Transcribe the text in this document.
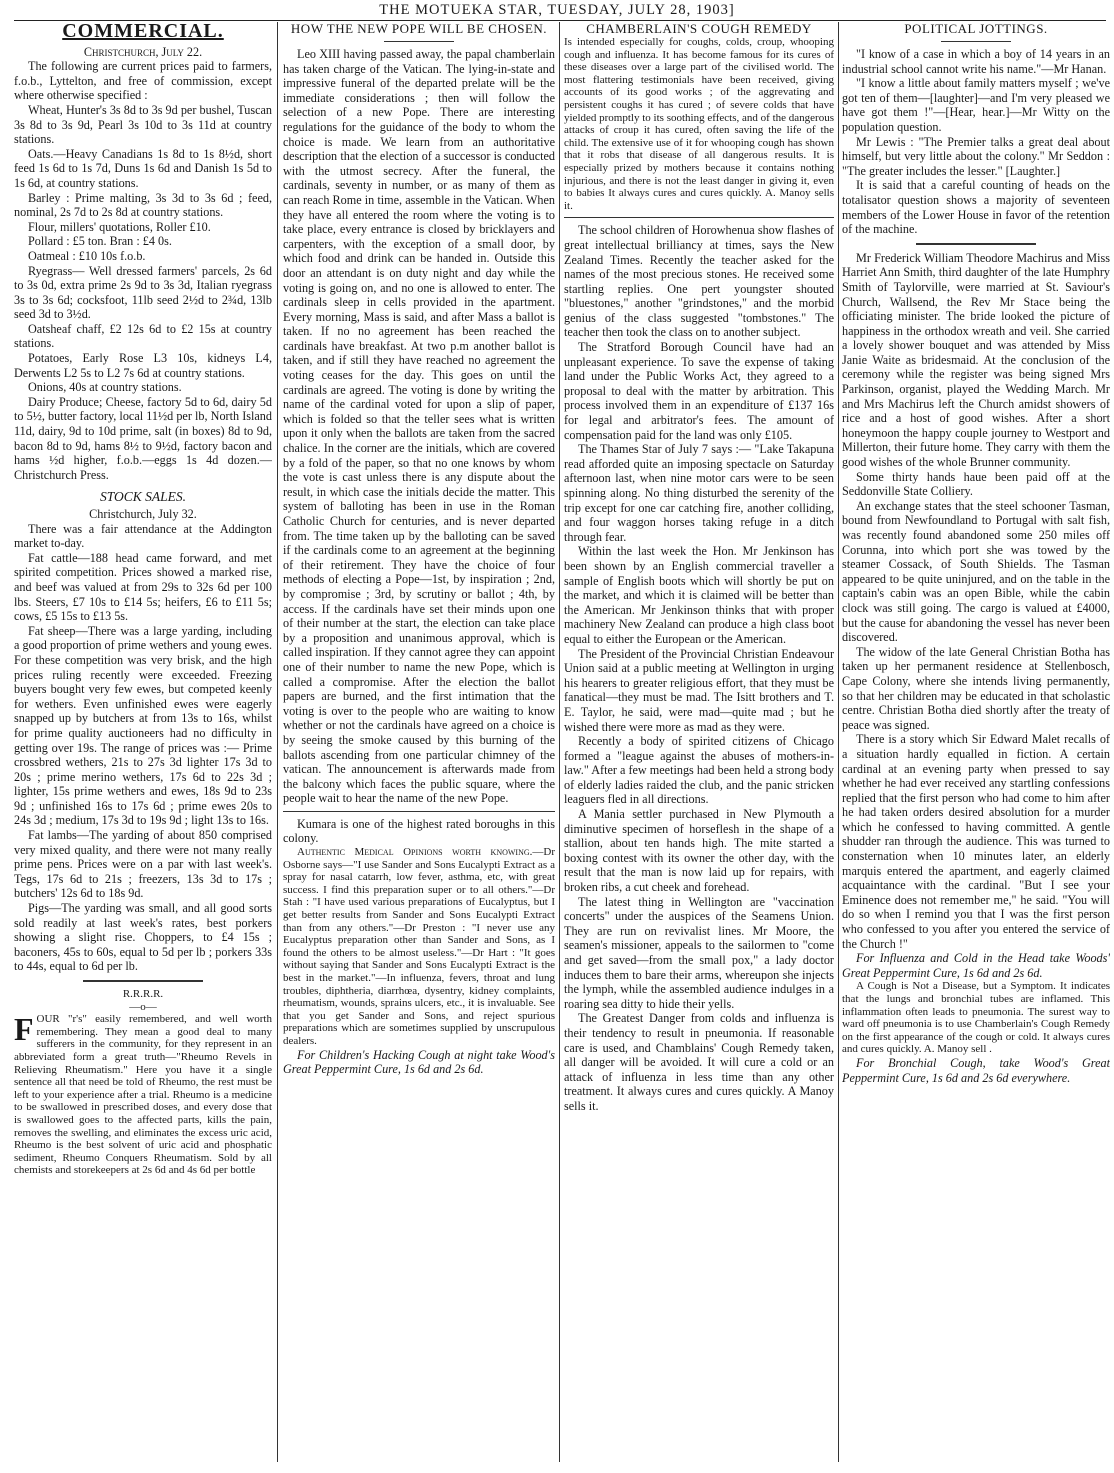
THE MOTUEKA STAR, TUESDAY, JULY 28, 1903]
COMMERCIAL.

Christchurch, July 22.

The following are current prices paid to farmers, f.o.b., Lyttelton, and free of commission, except where otherwise specified :

Wheat, Hunter's 3s 8d to 3s 9d per bushel, Tuscan 3s 8d to 3s 9d, Pearl 3s 10d to 3s 11d at country stations.

Oats.—Heavy Canadians 1s 8d to 1s 8½d, short feed 1s 6d to 1s 7d, Duns 1s 6d and Danish 1s 5d to 1s 6d, at country stations.

Barley : Prime malting, 3s 3d to 3s 6d ; feed, nominal, 2s 7d to 2s 8d at country stations.

Flour, millers' quotations, Roller £10.

Pollard : £5 ton. Bran : £4 0s.

Oatmeal : £10 10s f.o.b.

Ryegrass— Well dressed farmers' parcels, 2s 6d to 3s 0d, extra prime 2s 9d to 3s 3d, Italian ryegrass 3s to 3s 6d; cocksfoot, 11lb seed 2½d to 2¾d, 13lb seed 3d to 3½d.

Oatsheaf chaff, £2 12s 6d to £2 15s at country stations.

Potatoes, Early Rose L3 10s, kidneys L4, Derwents L2 5s to L2 7s 6d at country stations.

Onions, 40s at country stations.

Dairy Produce; Cheese, factory 5d to 6d, dairy 5d to 5½, butter factory, local 11½d per lb, North Island 11d, dairy, 9d to 10d prime, salt (in boxes) 8d to 9d, bacon 8d to 9d, hams 8½ to 9½d, factory bacon and hams ½d higher, f.o.b.—eggs 1s 4d dozen.—Christchurch Press.

STOCK SALES.

Christchurch, July 32.

There was a fair attendance at the Addington market to-day.

Fat cattle—188 head came forward, and met spirited competition. Prices showed a marked rise, and beef was valued at from 29s to 32s 6d per 100 lbs. Steers, £7 10s to £14 5s; heifers, £6 to £11 5s; cows, £5 15s to £13 5s.

Fat sheep—There was a large yarding, including a good proportion of prime wethers and young ewes. For these competition was very brisk, and the high prices ruling recently were exceeded. Freezing buyers bought very few ewes, but competed keenly for wethers. Even unfinished ewes were eagerly snapped up by butchers at from 13s to 16s, whilst for prime quality auctioneers had no difficulty in getting over 19s. The range of prices was :— Prime crossbred wethers, 21s to 27s 3d lighter 17s 3d to 20s ; prime merino wethers, 17s 6d to 22s 3d ; lighter, 15s prime wethers and ewes, 18s 9d to 23s 9d ; unfinished 16s to 17s 6d ; prime ewes 20s to 24s 3d ; medium, 17s 3d to 19s 9d ; light 13s to 16s.

Fat lambs—The yarding of about 850 comprised very mixed quality, and there were not many really prime pens. Prices were on a par with last week's. Tegs, 17s 6d to 21s ; freezers, 13s 3d to 17s ; butchers' 12s 6d to 18s 9d.

Pigs—The yarding was small, and all good sorts sold readily at last week's rates, best porkers showing a slight rise. Choppers, to £4 15s ; baconers, 45s to 60s, equal to 5d per lb ; porkers 33s to 44s, equal to 6d per lb.

R.R.R.R.

—o—

FOUR "r's" easily remembered, and well worth remembering. They mean a good deal to many sufferers in the community, for they represent in an abbreviated form a great truth—"Rheumo Revels in Relieving Rheumatism." Here you have it a single sentence all that need be told of Rheumo, the rest must be left to your experience after a trial. Rheumo is a medicine to be swallowed in prescribed doses, and every dose that is swallowed goes to the affected parts, kills the pain, removes the swelling, and eliminates the excess uric acid, Rheumo is the best solvent of uric acid and phosphatic sediment, Rheumo Conquers Rheumatism. Sold by all chemists and storekeepers at 2s 6d and 4s 6d per bottle

HOW THE NEW POPE WILL BE CHOSEN.

Leo XIII having passed away, the papal chamberlain has taken charge of the Vatican. The lying-in-state and impressive funeral of the departed prelate will be the immediate considerations ; then will follow the selection of a new Pope. There are interesting regulations for the guidance of the body to whom the choice is made. We learn from an authoritative description that the election of a successor is conducted with the utmost secrecy. After the funeral, the cardinals, seventy in number, or as many of them as can reach Rome in time, assemble in the Vatican. When they have all entered the room where the voting is to take place, every entrance is closed by bricklayers and carpenters, with the exception of a small door, by which food and drink can be handed in. Outside this door an attendant is on duty night and day while the voting is going on, and no one is allowed to enter. The cardinals sleep in cells provided in the apartment. Every morning, Mass is said, and after Mass a ballot is taken. If no no agreement has been reached the cardinals have breakfast. At two p.m another ballot is taken, and if still they have reached no agreement the voting ceases for the day. This goes on until the cardinals are agreed. The voting is done by writing the name of the cardinal voted for upon a slip of paper, which is folded so that the teller sees what is written upon it only when the ballots are taken from the sacred chalice. In the corner are the initials, which are covered by a fold of the paper, so that no one knows by whom the vote is cast unless there is any dispute about the result, in which case the initials decide the matter. This system of balloting has been in use in the Roman Catholic Church for centuries, and is never departed from. The time taken up by the balloting can be saved if the cardinals come to an agreement at the beginning of their retirement. They have the choice of four methods of electing a Pope—1st, by inspiration ; 2nd, by compromise ; 3rd, by scrutiny or ballot ; 4th, by access. If the cardinals have set their minds upon one of their number at the start, the election can take place by a proposition and unanimous approval, which is called inspiration. If they cannot agree they can appoint one of their number to name the new Pope, which is called a compromise. After the election the ballot papers are burned, and the first intimation that the voting is over to the people who are waiting to know whether or not the cardinals have agreed on a choice is by seeing the smoke caused by this burning of the ballots ascending from one particular chimney of the vatican. The announcement is afterwards made from the balcony which faces the public square, where the people wait to hear the name of the new Pope.

Kumara is one of the highest rated boroughs in this colony.

Authentic Medical Opinions worth knowing.—Dr Osborne says—"I use Sander and Sons Eucalypti Extract as a spray for nasal catarrh, low fever, asthma, etc, with great success. I find this preparation super or to all others."—Dr Stah : "I have used various preparations of Eucalyptus, but I get better results from Sander and Sons Eucalypti Extract than from any others."—Dr Preston : "I never use any Eucalyptus preparation other than Sander and Sons, as I found the others to be almost useless."—Dr Hart : "It goes without saying that Sander and Sons Eucalypti Extract is the best in the market."—In influenza, fevers, throat and lung troubles, diphtheria, diarrhœa, dysentry, kidney complaints, rheumatism, wounds, sprains ulcers, etc., it is invaluable. See that you get Sander and Sons, and reject spurious preparations which are sometimes supplied by unscrupulous dealers.

For Children's Hacking Cough at night take Wood's Great Peppermint Cure, 1s 6d and 2s 6d.

CHAMBERLAIN'S COUGH REMEDY

Is intended especially for coughs, colds, croup, whooping cough and influenza. It has become famous for its cures of these diseases over a large part of the civilised world. The most flattering testimonials have been received, giving accounts of its good works ; of the aggrevating and persistent coughs it has cured ; of severe colds that have yielded promptly to its soothing effects, and of the dangerous attacks of croup it has cured, often saving the life of the child. The extensive use of it for whooping cough has shown that it robs that disease of all dangerous results. It is especially prized by mothers because it contains nothing injurious, and there is not the least danger in giving it, even to babies It always cures and cures quickly. A. Manoy sells it.

The school children of Horowhenua show flashes of great intellectual brilliancy at times, says the New Zealand Times. Recently the teacher asked for the names of the most precious stones. He received some startling replies. One pert youngster shouted "bluestones," another "grindstones," and the morbid genius of the class suggested "tombstones." The teacher then took the class on to another subject.

The Stratford Borough Council have had an unpleasant experience. To save the expense of taking land under the Public Works Act, they agreed to a proposal to deal with the matter by arbitration. This process involved them in an expenditure of £137 16s for legal and arbitrator's fees. The amount of compensation paid for the land was only £105.

The Thames Star of July 7 says :— "Lake Takapuna read afforded quite an imposing spectacle on Saturday afternoon last, when nine motor cars were to be seen spinning along. No thing disturbed the serenity of the trip except for one car catching fire, another colliding, and four waggon horses taking refuge in a ditch through fear.

Within the last week the Hon. Mr Jenkinson has been shown by an English commercial traveller a sample of English boots which will shortly be put on the market, and which it is claimed will be better than the American. Mr Jenkinson thinks that with proper machinery New Zealand can produce a high class boot equal to either the European or the American.

The President of the Provincial Christian Endeavour Union said at a public meeting at Wellington in urging his hearers to greater religious effort, that they must be fanatical—they must be mad. The Isitt brothers and T. E. Taylor, he said, were mad—quite mad ; but he wished there were more as mad as they were.

Recently a body of spirited citizens of Chicago formed a "league against the abuses of mothers-in-law." After a few meetings had been held a strong body of elderly ladies raided the club, and the panic stricken leaguers fled in all directions.

A Mania settler purchased in New Plymouth a diminutive specimen of horseflesh in the shape of a stallion, about ten hands high. The mite started a boxing contest with its owner the other day, with the result that the man is now laid up for repairs, with broken ribs, a cut cheek and forehead.

The latest thing in Wellington are "vaccination concerts" under the auspices of the Seamens Union. They are run on revivalist lines. Mr Moore, the seamen's missioner, appeals to the sailormen to "come and get saved—from the small pox," a lady doctor induces them to bare their arms, whereupon she injects the lymph, while the assembled audience indulges in a roaring sea ditty to hide their yells.

The Greatest Danger from colds and influenza is their tendency to result in pneumonia. If reasonable care is used, and Chamblains' Cough Remedy taken, all danger will be avoided. It will cure a cold or an attack of influenza in less time than any other treatment. It always cures and cures quickly. A Manoy sells it.

POLITICAL JOTTINGS.

"I know of a case in which a boy of 14 years in an industrial school cannot write his name."—Mr Hanan.

"I know a little about family matters myself ; we've got ten of them—[laughter]—and I'm very pleased we have got them !"—[Hear, hear.]—Mr Witty on the population question.

Mr Lewis : "The Premier talks a great deal about himself, but very little about the colony." Mr Seddon : "The greater includes the lesser." [Laughter.]

It is said that a careful counting of heads on the totalisator question shows a majority of seventeen members of the Lower House in favor of the retention of the machine.

Mr Frederick William Theodore Machirus and Miss Harriet Ann Smith, third daughter of the late Humphry Smith of Taylorville, were married at St. Saviour's Church, Wallsend, the Rev Mr Stace being the officiating minister. The bride looked the picture of happiness in the orthodox wreath and veil. She carried a lovely shower bouquet and was attended by Miss Janie Waite as bridesmaid. At the conclusion of the ceremony while the register was being signed Mrs Parkinson, organist, played the Wedding March. Mr and Mrs Machirus left the Church amidst showers of rice and a host of good wishes. After a short honeymoon the happy couple journey to Westport and Millerton, their future home. They carry with them the good wishes of the whole Brunner community.

Some thirty hands haue been paid off at the Seddonville State Colliery.

An exchange states that the steel schooner Tasman, bound from Newfoundland to Portugal with salt fish, was recently found abandoned some 250 miles off Corunna, into which port she was towed by the steamer Cossack, of South Shields. The Tasman appeared to be quite uninjured, and on the table in the captain's cabin was an open Bible, while the cabin clock was still going. The cargo is valued at £4000, but the cause for abandoning the vessel has never been discovered.

The widow of the late General Christian Botha has taken up her permanent residence at Stellenbosch, Cape Colony, where she intends living permanently, so that her children may be educated in that scholastic centre. Christian Botha died shortly after the treaty of peace was signed.

There is a story which Sir Edward Malet recalls of a situation hardly equalled in fiction. A certain cardinal at an evening party when pressed to say whether he had ever received any startling confessions replied that the first person who had come to him after he had taken orders desired absolution for a murder which he confessed to having committed. A gentle shudder ran through the audience. This was turned to consternation when 10 minutes later, an elderly marquis entered the apartment, and eagerly claimed acquaintance with the cardinal. "But I see your Eminence does not remember me," he said. "You will do so when I remind you that I was the first person who confessed to you after you entered the service of the Church !"

For Influenza and Cold in the Head take Woods' Great Peppermint Cure, 1s 6d and 2s 6d.

A Cough is Not a Disease, but a Symptom. It indicates that the lungs and bronchial tubes are inflamed. This inflammation often leads to pneumonia. The surest way to ward off pneumonia is to use Chamberlain's Cough Remedy on the first appearance of the cough or cold. It always cures and cures quickly. A. Manoy sell .

For Bronchial Cough, take Wood's Great Peppermint Cure, 1s 6d and 2s 6d everywhere.
